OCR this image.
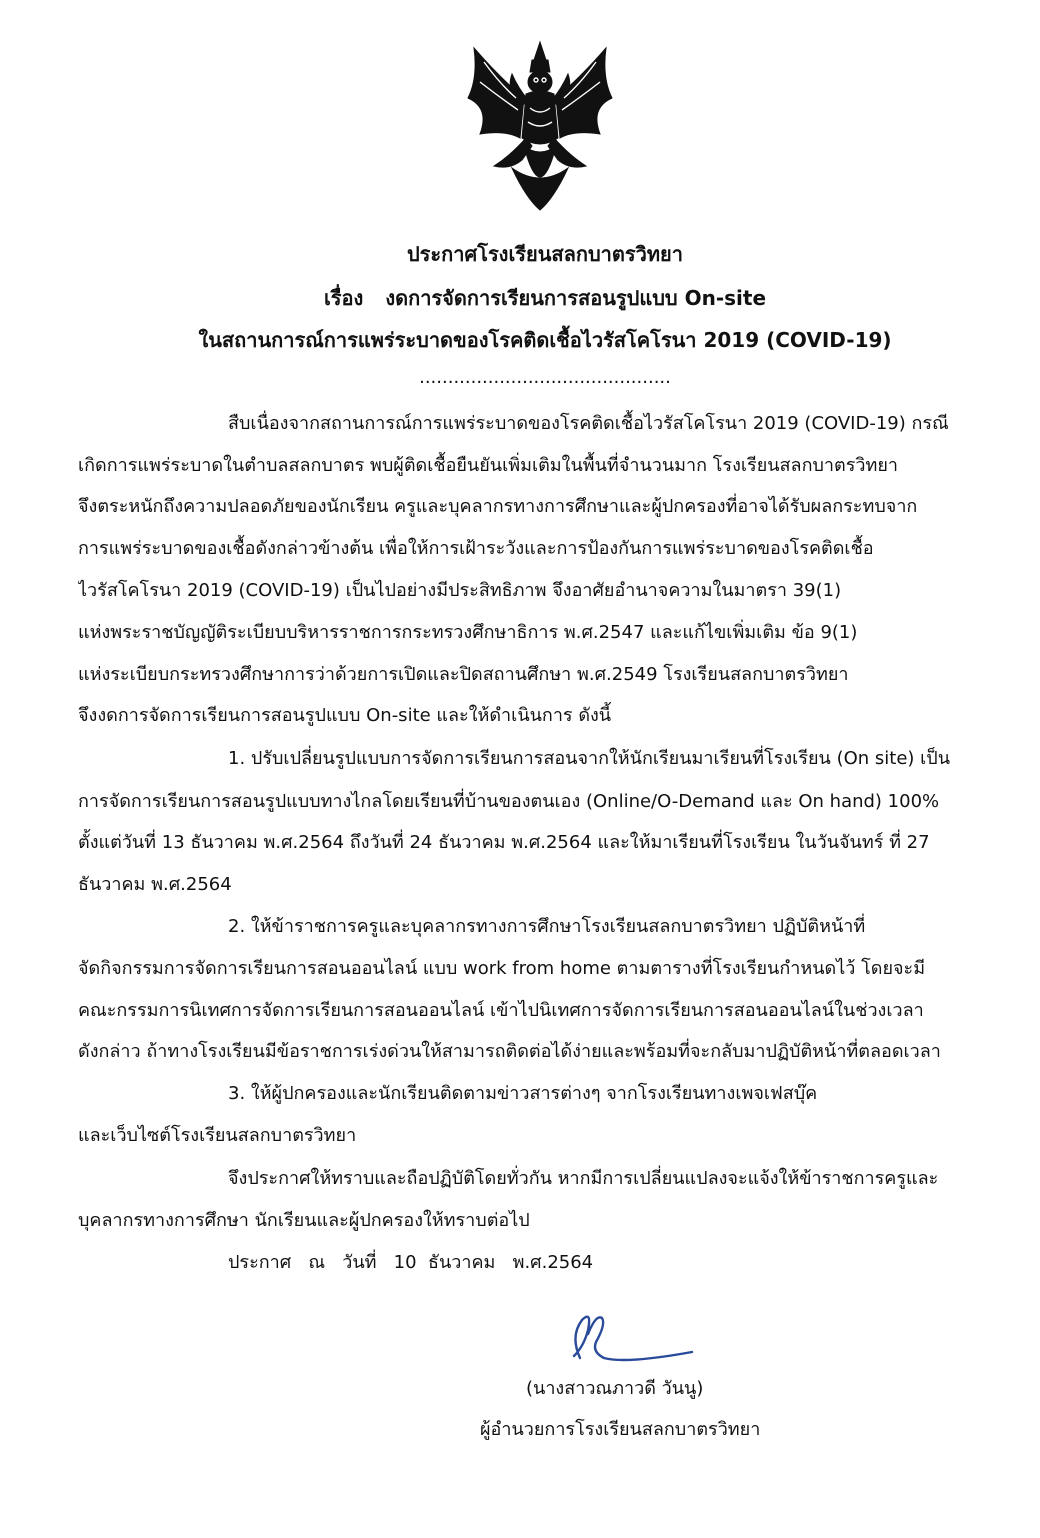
ประกาศโรงเรียนสลกบาตรวิทยา
เรื่อง งดการจัดการเรียนการสอนรูปแบบ On-site
ในสถานการณ์การแพร่ระบาดของโรคติดเชื้อไวรัสโคโรนา 2019 (COVID-19)
............................................
สืบเนื่องจากสถานการณ์การแพร่ระบาดของโรคติดเชื้อไวรัสโคโรนา 2019 (COVID-19) กรณี
เกิดการแพร่ระบาดในตำบลสลกบาตร พบผู้ติดเชื้อยืนยันเพิ่มเติมในพื้นที่จำนวนมาก โรงเรียนสลกบาตรวิทยา
จึงตระหนักถึงความปลอดภัยของนักเรียน ครูและบุคลากรทางการศึกษาและผู้ปกครองที่อาจได้รับผลกระทบจาก
การแพร่ระบาดของเชื้อดังกล่าวข้างต้น เพื่อให้การเฝ้าระวังและการป้องกันการแพร่ระบาดของโรคติดเชื้อ
ไวรัสโคโรนา 2019 (COVID-19) เป็นไปอย่างมีประสิทธิภาพ จึงอาศัยอำนาจความในมาตรา 39(1)
แห่งพระราชบัญญัติระเบียบบริหารราชการกระทรวงศึกษาธิการ พ.ศ.2547 และแก้ไขเพิ่มเติม ข้อ 9(1)
แห่งระเบียบกระทรวงศึกษาการว่าด้วยการเปิดและปิดสถานศึกษา พ.ศ.2549 โรงเรียนสลกบาตรวิทยา
จึงงดการจัดการเรียนการสอนรูปแบบ On-site และให้ดำเนินการ ดังนี้
1. ปรับเปลี่ยนรูปแบบการจัดการเรียนการสอนจากให้นักเรียนมาเรียนที่โรงเรียน (On site) เป็น
การจัดการเรียนการสอนรูปแบบทางไกลโดยเรียนที่บ้านของตนเอง (Online/O-Demand และ On hand) 100%
ตั้งแต่วันที่ 13 ธันวาคม พ.ศ.2564 ถึงวันที่ 24 ธันวาคม พ.ศ.2564 และให้มาเรียนที่โรงเรียน ในวันจันทร์ ที่ 27
ธันวาคม พ.ศ.2564
2. ให้ข้าราชการครูและบุคลากรทางการศึกษาโรงเรียนสลกบาตรวิทยา ปฏิบัติหน้าที่
จัดกิจกรรมการจัดการเรียนการสอนออนไลน์ แบบ work from home ตามตารางที่โรงเรียนกำหนดไว้ โดยจะมี
คณะกรรมการนิเทศการจัดการเรียนการสอนออนไลน์ เข้าไปนิเทศการจัดการเรียนการสอนออนไลน์ในช่วงเวลา
ดังกล่าว ถ้าทางโรงเรียนมีข้อราชการเร่งด่วนให้สามารถติดต่อได้ง่ายและพร้อมที่จะกลับมาปฏิบัติหน้าที่ตลอดเวลา
3. ให้ผู้ปกครองและนักเรียนติดตามข่าวสารต่างๆ จากโรงเรียนทางเพจเฟสบุ๊ค
และเว็บไซต์โรงเรียนสลกบาตรวิทยา
จึงประกาศให้ทราบและถือปฏิบัติโดยทั่วกัน หากมีการเปลี่ยนแปลงจะแจ้งให้ข้าราชการครูและ
บุคลากรทางการศึกษา นักเรียนและผู้ปกครองให้ทราบต่อไป
ประกาศ   ณ   วันที่   10  ธันวาคม   พ.ศ.2564
(นางสาวณภาวดี วันนู)
ผู้อำนวยการโรงเรียนสลกบาตรวิทยา
